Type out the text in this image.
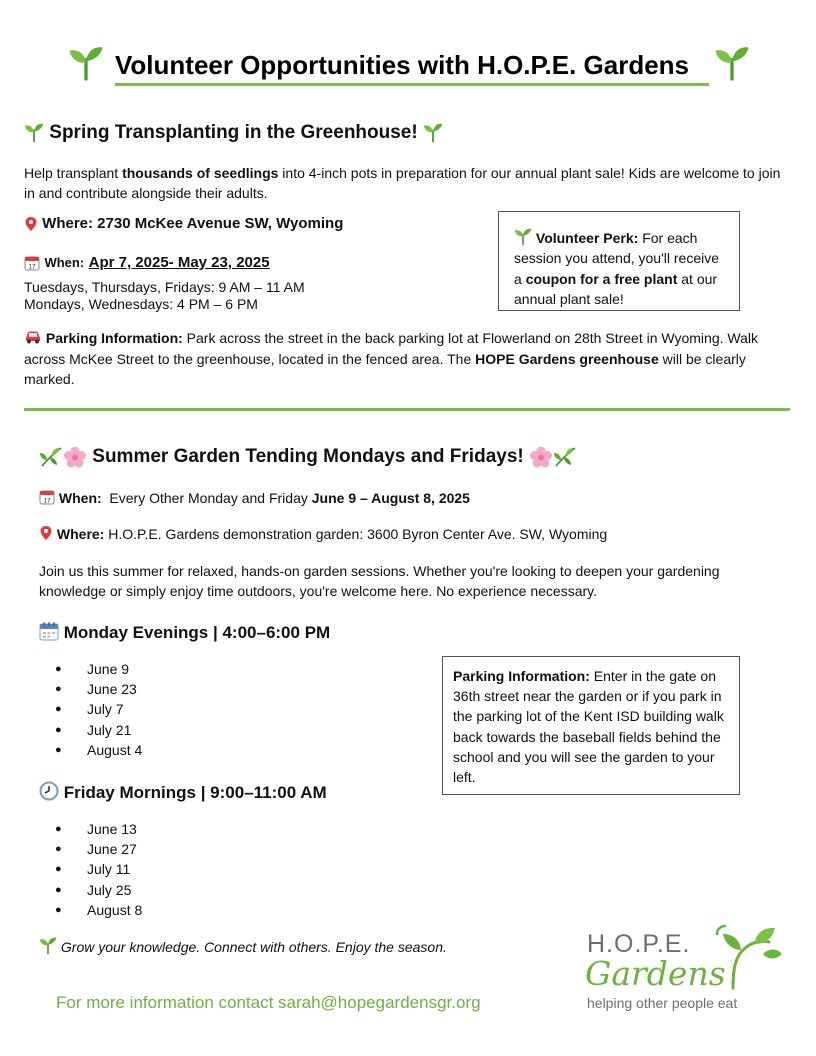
Volunteer Opportunities with H.O.P.E. Gardens
Spring Transplanting in the Greenhouse!
Help transplant thousands of seedlings into 4-inch pots in preparation for our annual plant sale! Kids are welcome to join in and contribute alongside their adults.
Where: 2730 McKee Avenue SW, Wyoming
17 When: Apr 7, 2025- May 23, 2025
Tuesdays, Thursdays, Fridays: 9 AM – 11 AM
Mondays, Wednesdays: 4 PM – 6 PM
Volunteer Perk: For each session you attend, you'll receive a coupon for a free plant at our annual plant sale!
Parking Information: Park across the street in the back parking lot at Flowerland on 28th Street in Wyoming. Walk across McKee Street to the greenhouse, located in the fenced area. The HOPE Gardens greenhouse will be clearly marked.
Summer Garden Tending Mondays and Fridays!
17 When:  Every Other Monday and Friday June 9 – August 8, 2025
Where: H.O.P.E. Gardens demonstration garden: 3600 Byron Center Ave. SW, Wyoming
Join us this summer for relaxed, hands-on garden sessions. Whether you're looking to deepen your gardening knowledge or simply enjoy time outdoors, you're welcome here. No experience necessary.
Monday Evenings | 4:00–6:00 PM
● June 9
● June 23
● July 7
● July 21
● August 4
Friday Mornings | 9:00–11:00 AM
● June 13
● June 27
● July 11
● July 25
● August 8
Parking Information: Enter in the gate on 36th street near the garden or if you park in the parking lot of the Kent ISD building walk back towards the baseball fields behind the school and you will see the garden to your left.
Grow your knowledge. Connect with others. Enjoy the season.
For more information contact sarah@hopegardensgr.org
H.O.P.E.
Gardens
helping other people eat
